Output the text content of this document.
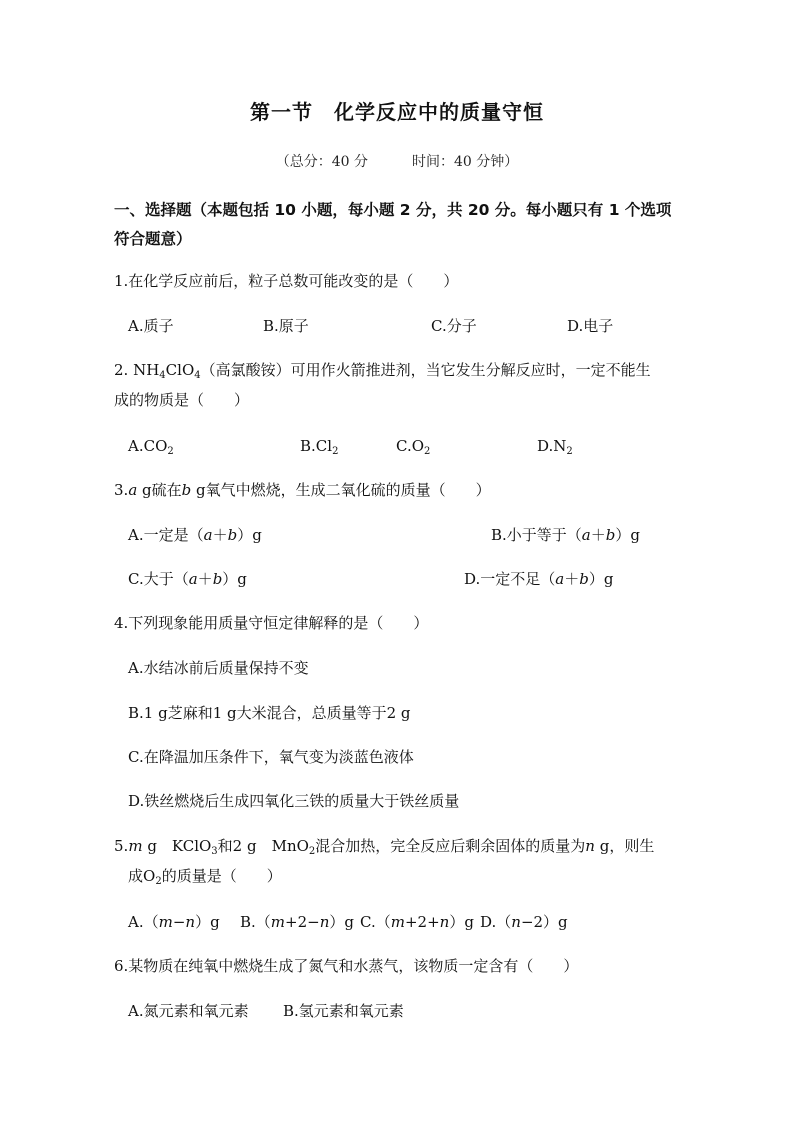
第一节　化学反应中的质量守恒
（总分：40 分	时间：40 分钟）
一、选择题（本题包括 10 小题，每小题 2 分，共 20 分。每小题只有 1 个选项符合题意）
1.在化学反应前后，粒子总数可能改变的是（　　）
A.质子	B.原子	C.分子	D.电子
2. $NH_4ClO_4$（高氯酸铵）可用作火箭推进剂，当它发生分解反应时，一定不能生
成的物质是（　　）
$A.CO_2$	$B.Cl_2$	$C.O_2$	$D.N_2$
3.a g硫在b g氧气中燃烧，生成二氧化硫的质量（　　）
A.一定是（a＋b）g	B.小于等于（a＋b）g
C.大于（a＋b）g	D.一定不足（a＋b）g
4.下列现象能用质量守恒定律解释的是（　　）
A.水结冰前后质量保持不变
B.1 g芝麻和1 g大米混合，总质量等于2 g
C.在降温加压条件下，氧气变为淡蓝色液体
D.铁丝燃烧后生成四氧化三铁的质量大于铁丝质量
5.m g　KClO$_3$和2 g　MnO$_2$混合加热，完全反应后剩余固体的质量为n g，则生
成$O_2$的质量是（　　）
A.（m−n）g B.（m+2−n）g C.（m+2+n）g D.（n−2）g
6.某物质在纯氧中燃烧生成了氮气和水蒸气，该物质一定含有（　　）
A.氮元素和氧元素 B.氢元素和氧元素
